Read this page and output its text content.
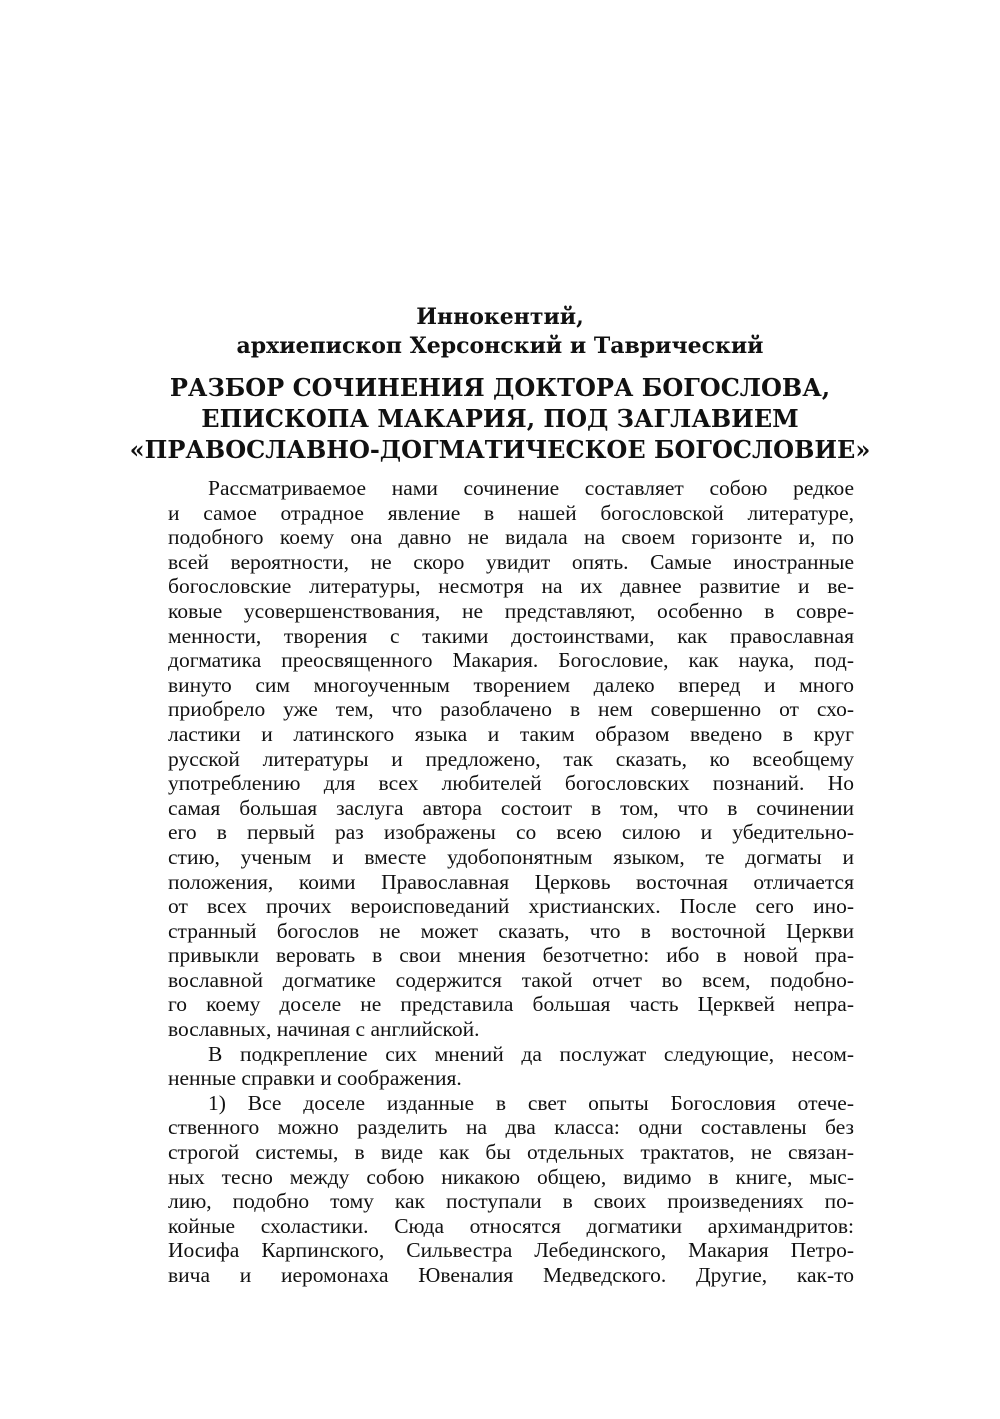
Иннокентий,
архиепископ Херсонский и Таврический
РАЗБОР СОЧИНЕНИЯ ДОКТОРА БОГОСЛОВА,
ЕПИСКОПА МАКАРИЯ, ПОД ЗАГЛАВИЕМ
«ПРАВОСЛАВНО-ДОГМАТИЧЕСКОЕ БОГОСЛОВИЕ»
Рассматриваемое нами сочинение составляет собою редкое
и самое отрадное явление в нашей богословской литературе,
подобного коему она давно не видала на своем горизонте и, по
всей вероятности, не скоро увидит опять. Самые иностранные
богословские литературы, несмотря на их давнее развитие и ве-
ковые усовершенствования, не представляют, особенно в совре-
менности, творения с такими достоинствами, как православная
догматика преосвященного Макария. Богословие, как наука, под-
винуто сим многоученным творением далеко вперед и много
приобрело уже тем, что разоблачено в нем совершенно от схо-
ластики и латинского языка и таким образом введено в круг
русской литературы и предложено, так сказать, ко всеобщему
употреблению для всех любителей богословских познаний. Но
самая большая заслуга автора состоит в том, что в сочинении
его в первый раз изображены со всею силою и убедительно-
стию, ученым и вместе удобопонятным языком, те догматы и
положения, коими Православная Церковь восточная отличается
от всех прочих вероисповеданий христианских. После сего ино-
странный богослов не может сказать, что в восточной Церкви
привыкли веровать в свои мнения безотчетно: ибо в новой пра-
вославной догматике содержится такой отчет во всем, подобно-
го коему доселе не представила большая часть Церквей непра-
вославных, начиная с английской.
В подкрепление сих мнений да послужат следующие, несом-
ненные справки и соображения.
1) Все доселе изданные в свет опыты Богословия отече-
ственного можно разделить на два класса: одни составлены без
строгой системы, в виде как бы отдельных трактатов, не связан-
ных тесно между собою никакою общею, видимо в книге, мыс-
лию, подобно тому как поступали в своих произведениях по-
койные схоластики. Сюда относятся догматики архимандритов:
Иосифа Карпинского, Сильвестра Лебединского, Макария Петро-
вича и иеромонаха Ювеналия Медведского. Другие, как-то
